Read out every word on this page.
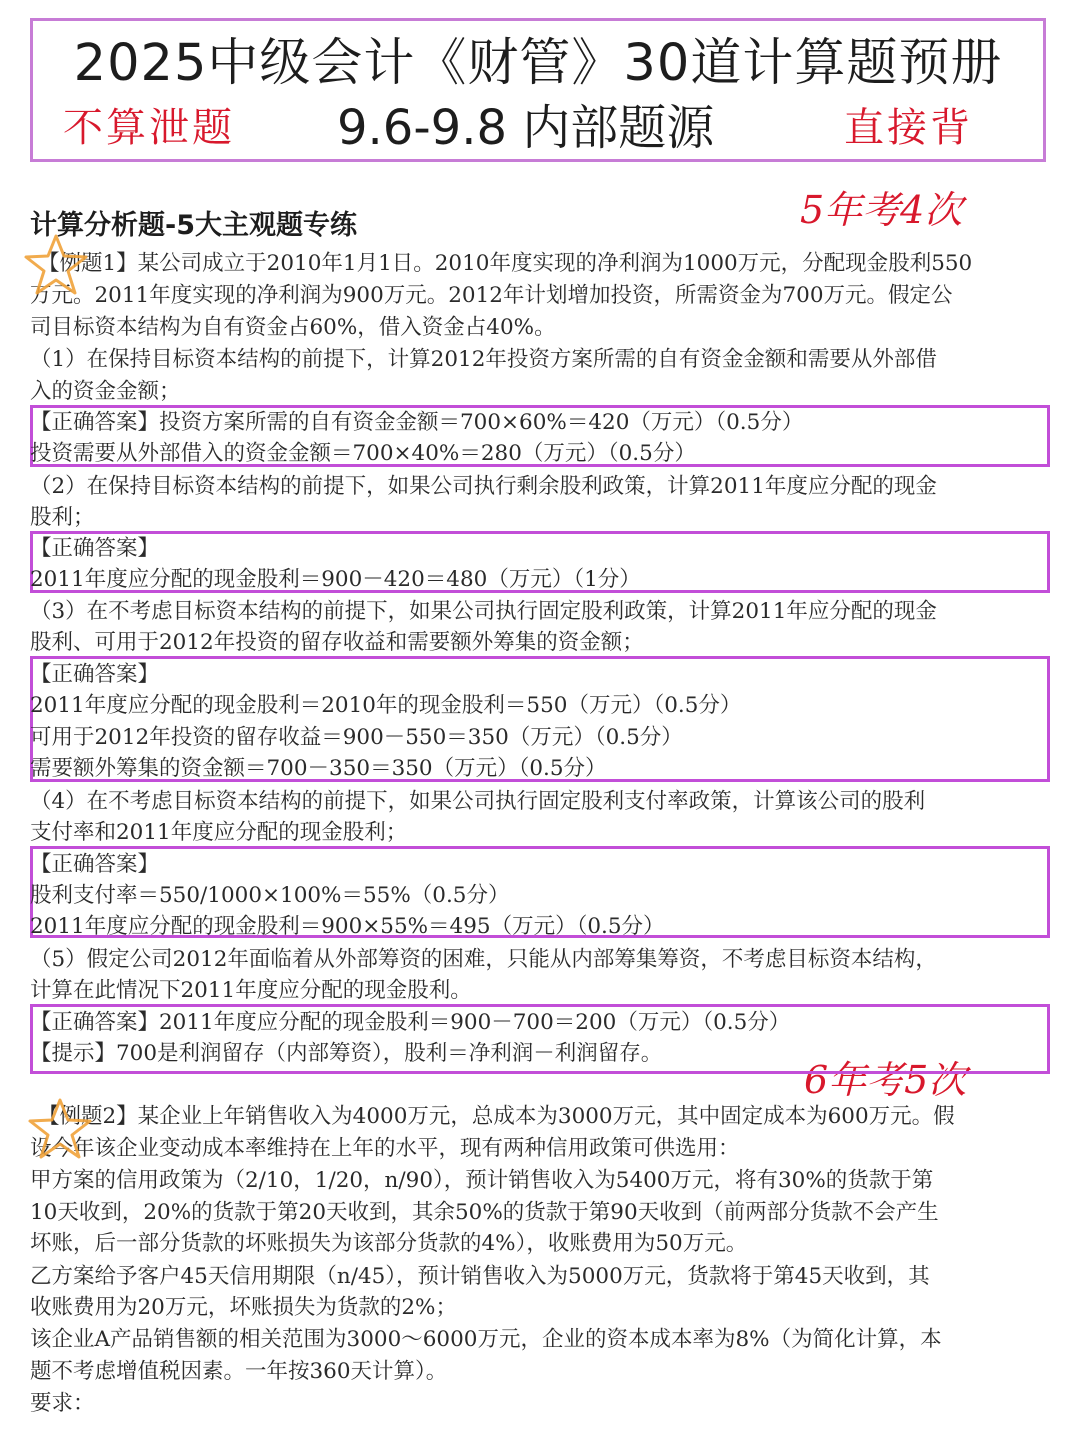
2025中级会计《财管》30道计算题预册
不算泄题 9.6-9.8 内部题源	直接背
5年考4次
6年考5次
计算分析题-5大主观题专练
【例题1】某公司成立于2010年1月1日。2010年度实现的净利润为1000万元，分配现金股利550
万元。2011年度实现的净利润为900万元。2012年计划增加投资，所需资金为700万元。假定公
司目标资本结构为自有资金占60%，借入资金占40%。
（1）在保持目标资本结构的前提下，计算2012年投资方案所需的自有资金金额和需要从外部借
入的资金金额；
【正确答案】投资方案所需的自有资金金额＝700×60%＝420（万元）（0.5分）
投资需要从外部借入的资金金额＝700×40%＝280（万元）（0.5分）
（2）在保持目标资本结构的前提下，如果公司执行剩余股利政策，计算2011年度应分配的现金
股利；
【正确答案】
2011年度应分配的现金股利＝900－420＝480（万元）（1分）
（3）在不考虑目标资本结构的前提下，如果公司执行固定股利政策，计算2011年应分配的现金
股利、可用于2012年投资的留存收益和需要额外筹集的资金额；
【正确答案】
2011年度应分配的现金股利＝2010年的现金股利＝550（万元）（0.5分）
可用于2012年投资的留存收益＝900－550＝350（万元）（0.5分）
需要额外筹集的资金额＝700－350＝350（万元）（0.5分）
（4）在不考虑目标资本结构的前提下，如果公司执行固定股利支付率政策，计算该公司的股利
支付率和2011年度应分配的现金股利；
【正确答案】
股利支付率＝550/1000×100%＝55%（0.5分）
2011年度应分配的现金股利＝900×55%＝495（万元）（0.5分）
（5）假定公司2012年面临着从外部筹资的困难，只能从内部筹集筹资，不考虑目标资本结构，
计算在此情况下2011年度应分配的现金股利。
【正确答案】2011年度应分配的现金股利＝900－700＝200（万元）（0.5分）
【提示】700是利润留存（内部筹资），股利＝净利润－利润留存。
【例题2】某企业上年销售收入为4000万元，总成本为3000万元，其中固定成本为600万元。假
设今年该企业变动成本率维持在上年的水平，现有两种信用政策可供选用：
甲方案的信用政策为（2/10，1/20，n/90），预计销售收入为5400万元，将有30%的货款于第
10天收到，20%的货款于第20天收到，其余50%的货款于第90天收到（前两部分货款不会产生
坏账，后一部分货款的坏账损失为该部分货款的4%），收账费用为50万元。
乙方案给予客户45天信用期限（n/45），预计销售收入为5000万元，货款将于第45天收到，其
收账费用为20万元，坏账损失为货款的2%；
该企业A产品销售额的相关范围为3000～6000万元，企业的资本成本率为8%（为简化计算，本
题不考虑增值税因素。一年按360天计算）。
要求：
